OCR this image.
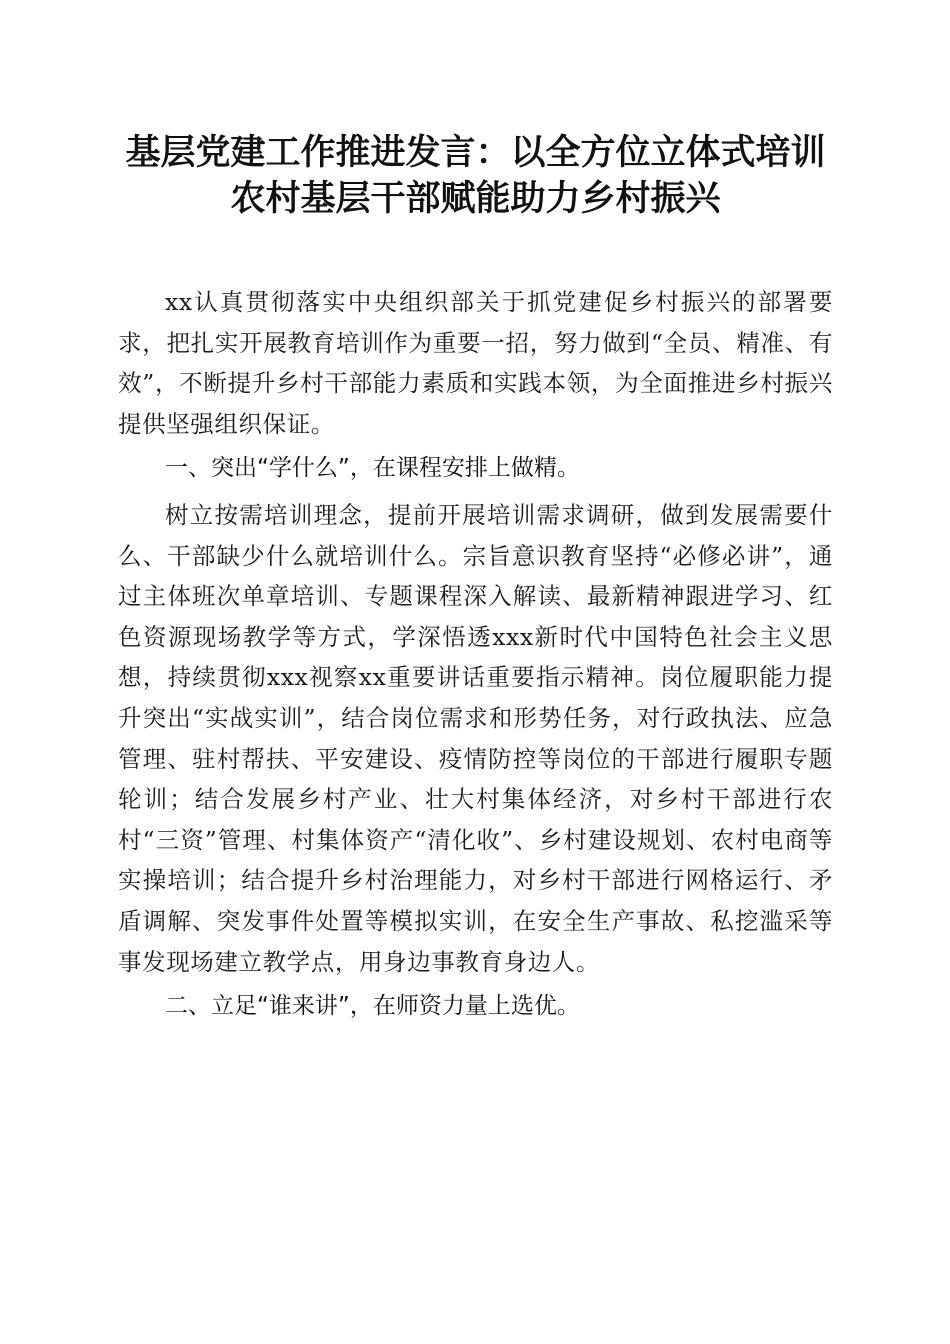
基层党建工作推进发言：以全方位立体式培训
农村基层干部赋能助力乡村振兴

xx认真贯彻落实中央组织部关于抓党建促乡村振兴的部署要求，把扎实开展教育培训作为重要一招，努力做到“全员、精准、有效”，不断提升乡村干部能力素质和实践本领，为全面推进乡村振兴提供坚强组织保证。

一、突出“学什么”，在课程安排上做精。

树立按需培训理念，提前开展培训需求调研，做到发展需要什么、干部缺少什么就培训什么。宗旨意识教育坚持“必修必讲”，通过主体班次单章培训、专题课程深入解读、最新精神跟进学习、红色资源现场教学等方式，学深悟透xxx新时代中国特色社会主义思想，持续贯彻xxx视察xx重要讲话重要指示精神。岗位履职能力提升突出“实战实训”，结合岗位需求和形势任务，对行政执法、应急管理、驻村帮扶、平安建设、疫情防控等岗位的干部进行履职专题轮训；结合发展乡村产业、壮大村集体经济，对乡村干部进行农村“三资”管理、村集体资产“清化收”、乡村建设规划、农村电商等实操培训；结合提升乡村治理能力，对乡村干部进行网格运行、矛盾调解、突发事件处置等模拟实训，在安全生产事故、私挖滥采等事发现场建立教学点，用身边事教育身边人。

二、立足“谁来讲”，在师资力量上选优。
